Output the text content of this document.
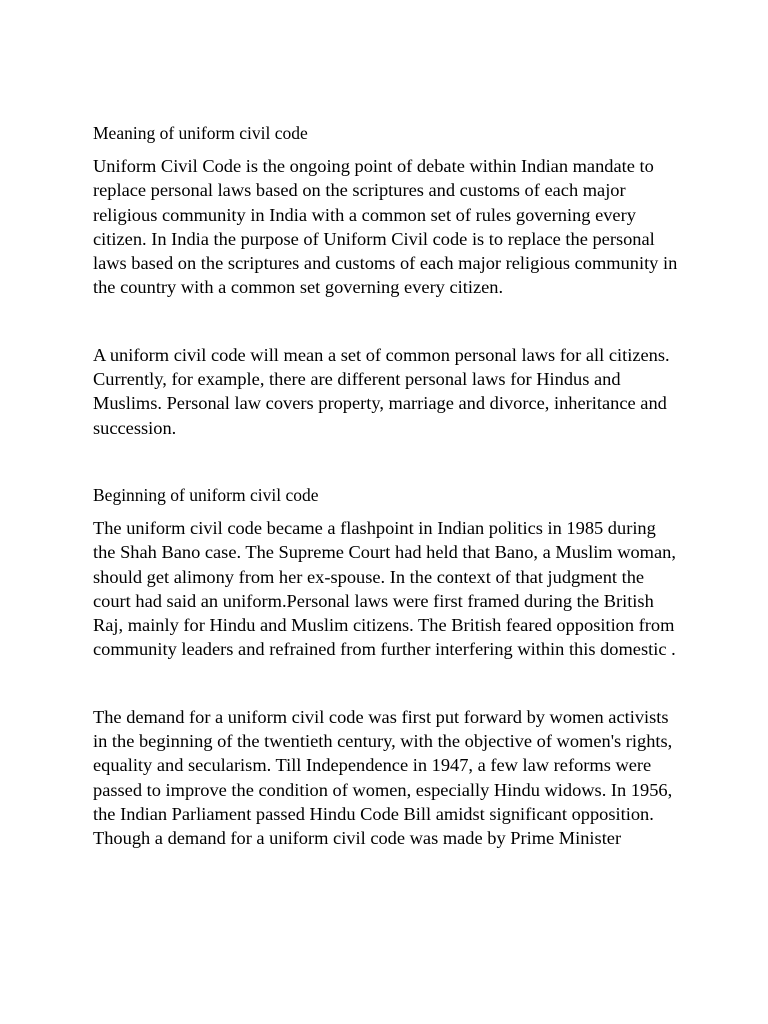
Meaning of uniform civil code

Uniform Civil Code is the ongoing point of debate within Indian mandate to replace personal laws based on the scriptures and customs of each major religious community in India with a common set of rules governing every citizen. In India the purpose of Uniform Civil code is to replace the personal laws based on the scriptures and customs of each major religious community in the country with a common set governing every citizen.

A uniform civil code will mean a set of common personal laws for all citizens. Currently, for example, there are different personal laws for Hindus and Muslims. Personal law covers property, marriage and divorce, inheritance and succession.

Beginning of uniform civil code

The uniform civil code became a flashpoint in Indian politics in 1985 during the Shah Bano case. The Supreme Court had held that Bano, a Muslim woman, should get alimony from her ex-spouse. In the context of that judgment the court had said an uniform.Personal laws were first framed during the British Raj, mainly for Hindu and Muslim citizens. The British feared opposition from community leaders and refrained from further interfering within this domestic .

The demand for a uniform civil code was first put forward by women activists in the beginning of the twentieth century, with the objective of women's rights, equality and secularism. Till Independence in 1947, a few law reforms were passed to improve the condition of women, especially Hindu widows. In 1956, the Indian Parliament passed Hindu Code Bill amidst significant opposition. Though a demand for a uniform civil code was made by Prime Minister
